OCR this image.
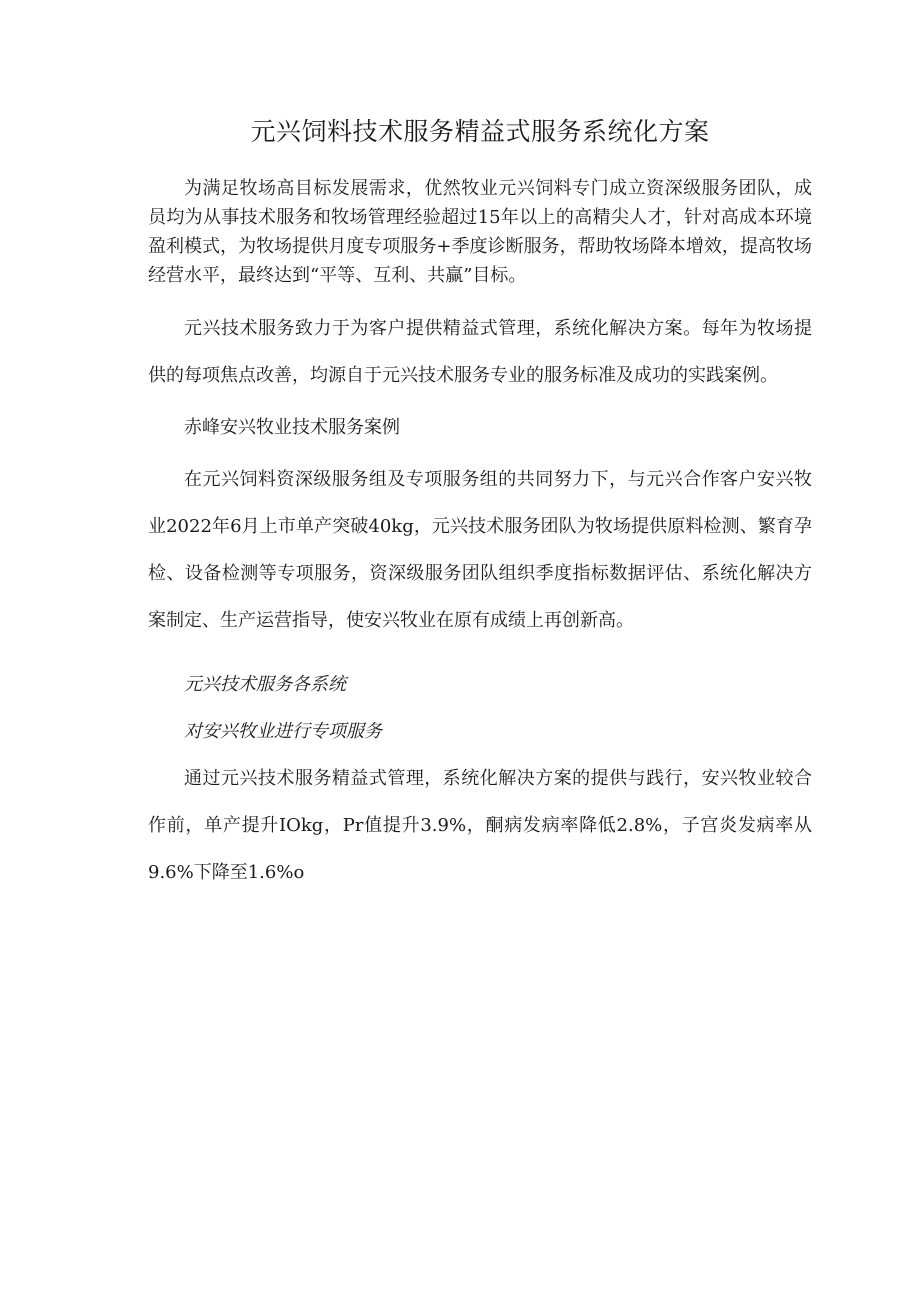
元兴饲料技术服务精益式服务系统化方案

为满足牧场高目标发展需求，优然牧业元兴饲料专门成立资深级服务团队，成员均为从事技术服务和牧场管理经验超过15年以上的高精尖人才，针对高成本环境盈利模式，为牧场提供月度专项服务+季度诊断服务，帮助牧场降本增效，提高牧场经营水平，最终达到“平等、互利、共赢”目标。

元兴技术服务致力于为客户提供精益式管理，系统化解决方案。每年为牧场提供的每项焦点改善，均源自于元兴技术服务专业的服务标准及成功的实践案例。

赤峰安兴牧业技术服务案例

在元兴饲料资深级服务组及专项服务组的共同努力下，与元兴合作客户安兴牧业2022年6月上市单产突破40kg，元兴技术服务团队为牧场提供原料检测、繁育孕检、设备检测等专项服务，资深级服务团队组织季度指标数据评估、系统化解决方案制定、生产运营指导，使安兴牧业在原有成绩上再创新高。

元兴技术服务各系统

对安兴牧业进行专项服务

通过元兴技术服务精益式管理，系统化解决方案的提供与践行，安兴牧业较合作前，单产提升IOkg，Pr值提升3.9%，酮病发病率降低2.8%，子宫炎发病率从9.6%下降至1.6%o
